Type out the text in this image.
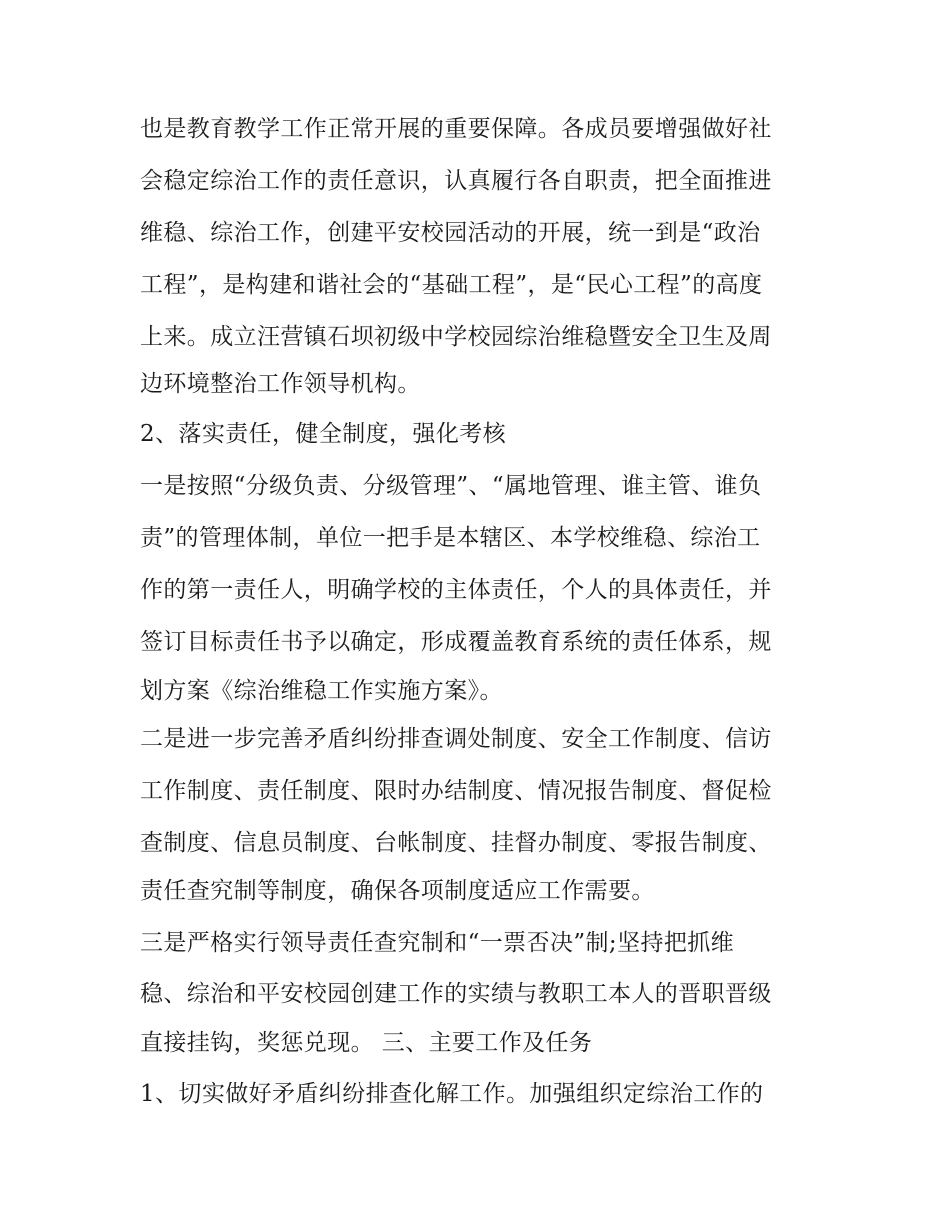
也是教育教学工作正常开展的重要保障。各成员要增强做好社
会稳定综治工作的责任意识，认真履行各自职责，把全面推进
维稳、综治工作，创建平安校园活动的开展，统一到是“政治
工程”，是构建和谐社会的“基础工程”，是“民心工程”的高度
上来。成立汪营镇石坝初级中学校园综治维稳暨安全卫生及周
边环境整治工作领导机构。
2、落实责任，健全制度，强化考核
一是按照“分级负责、分级管理”、“属地管理、谁主管、谁负
责”的管理体制，单位一把手是本辖区、本学校维稳、综治工
作的第一责任人，明确学校的主体责任，个人的具体责任，并
签订目标责任书予以确定，形成覆盖教育系统的责任体系，规
划方案《综治维稳工作实施方案》。
二是进一步完善矛盾纠纷排查调处制度、安全工作制度、信访
工作制度、责任制度、限时办结制度、情况报告制度、督促检
查制度、信息员制度、台帐制度、挂督办制度、零报告制度、
责任查究制等制度，确保各项制度适应工作需要。
三是严格实行领导责任查究制和“一票否决”制;坚持把抓维
稳、综治和平安校园创建工作的实绩与教职工本人的晋职晋级
直接挂钩，奖惩兑现。 三、主要工作及任务
1、切实做好矛盾纠纷排查化解工作。加强组织定综治工作的
